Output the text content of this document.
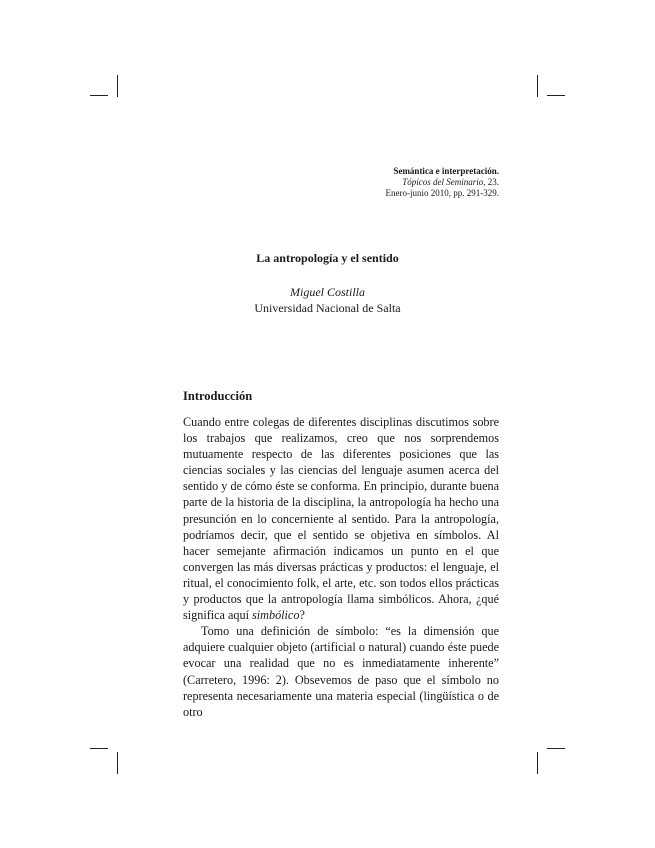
Semántica e interpretación.
Tópicos del Seminario, 23.
Enero-junio 2010, pp. 291-329.
La antropología y el sentido
Miguel Costilla
Universidad Nacional de Salta
Introducción

Cuando entre colegas de diferentes disciplinas discutimos sobre los trabajos que realizamos, creo que nos sorprendemos mutuamente respecto de las diferentes posiciones que las ciencias sociales y las ciencias del lenguaje asumen acerca del sentido y de cómo éste se conforma. En principio, durante buena parte de la historia de la disciplina, la antropología ha hecho una presunción en lo concerniente al sentido. Para la antropología, podríamos decir, que el sentido se objetiva en símbolos. Al hacer semejante afirmación indicamos un punto en el que convergen las más diversas prácticas y productos: el lenguaje, el ritual, el conocimiento folk, el arte, etc. son todos ellos prácticas y productos que la antropología llama simbólicos. Ahora, ¿qué significa aquí simbólico?

Tomo una definición de símbolo: “es la dimensión que adquiere cualquier objeto (artificial o natural) cuando éste puede evocar una realidad que no es inmediatamente inherente” (Carretero, 1996: 2). Obsevemos de paso que el símbolo no representa necesariamente una materia especial (lingüística o de otro
